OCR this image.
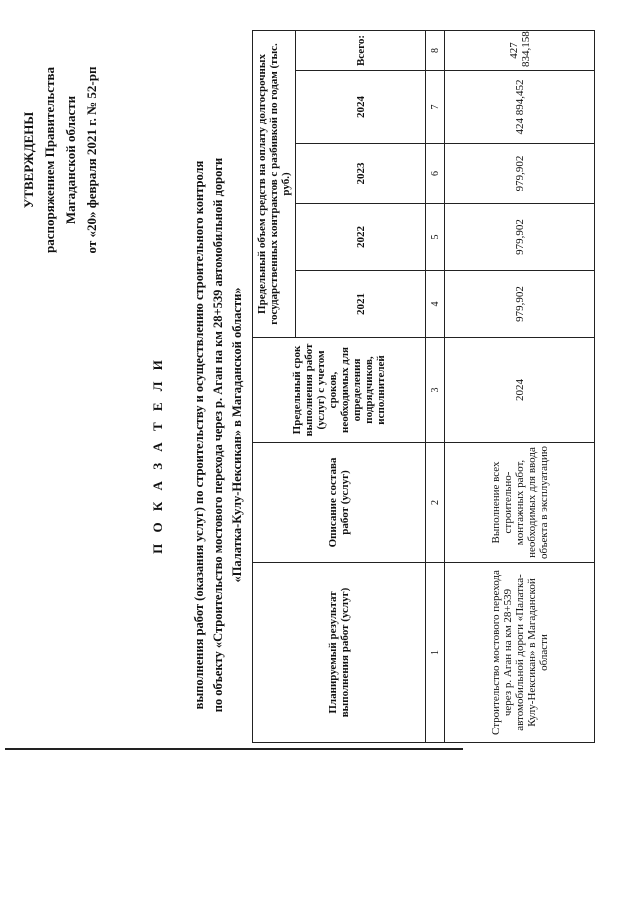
УТВЕРЖДЕНЫ распоряжением Правительства Магаданской области от «20» февраля 2021 г. № 52-рп
П О К А З А Т Е Л И выполнения работ (оказания услуг) по строительству и осуществлению строительного контроля по объекту «Строительство мостового перехода через р. Аган на км 28+539 автомобильной дороги «Палатка-Кулу-Нексикан» в Магаданской области»
Планируемый результат выполнения работ (услуг)	Описание состава работ (услуг)	Предельный срок выполнения работ (услуг) с учетом сроков, необходимых для определения подрядчиков, исполнителей	Предельный объем средств на оплату долгосрочных государственных контрактов с разбивкой по годам (тыс. руб.)				
			2021	2022	2023	2024	Всего:
1	2	3	4	5	6	7	8
Строительство мостового перехода через р. Аган на км 28+539 автомобильной дороги «Палатка-Кулу-Нексикан» в Магаданской области	Выполнение всех строительно-монтажных работ, необходимых для ввода объекта в эксплуатацию	2024	979,902	979,902	979,902	424 894,452	427 834,158
